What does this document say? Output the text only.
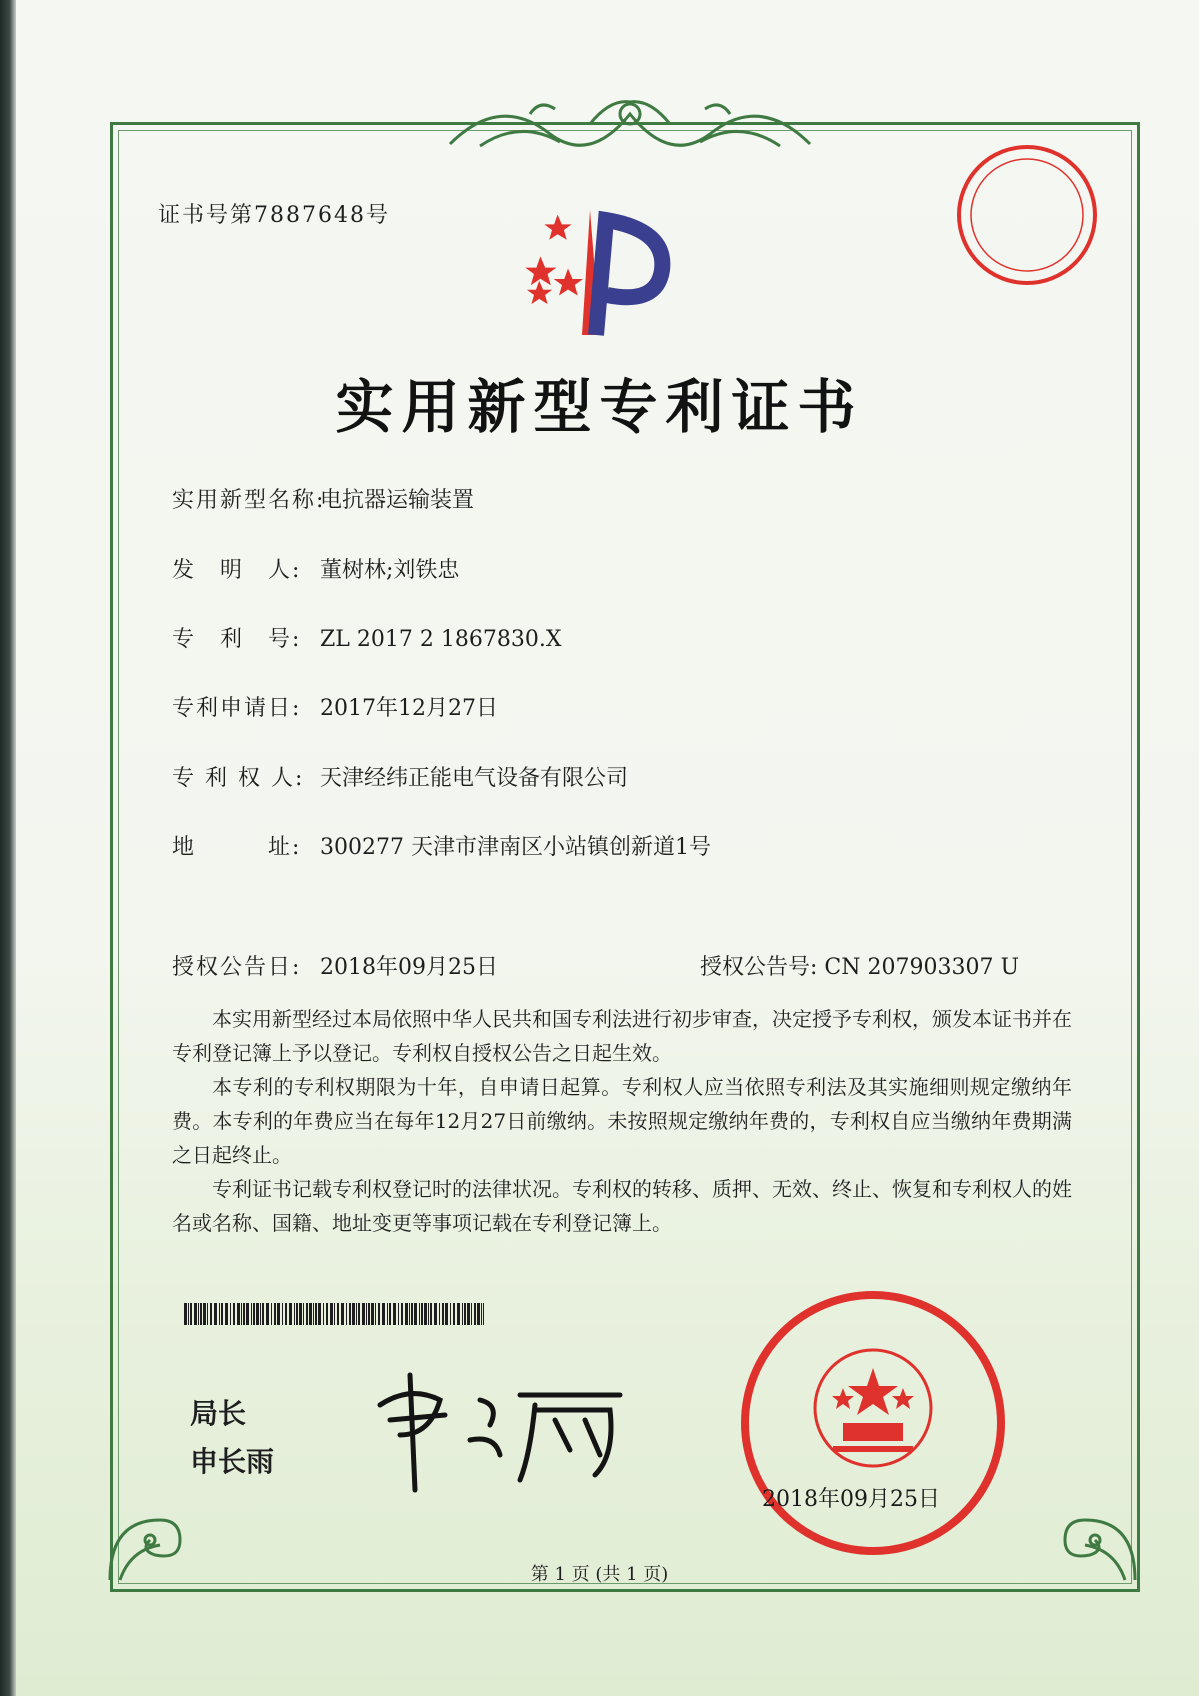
证书号第7887648号
实用新型专利证书
实用新型名称:电抗器运输装置
发　明　人: 董树林;刘铁忠
专　利　号: ZL 2017 2 1867830.X
专利申请日: 2017年12月27日
专 利 权 人: 天津经纬正能电气设备有限公司
地　　　址: 300277 天津市津南区小站镇创新道1号
授权公告日: 2018年09月25日	授权公告号: CN 207903307 U

本实用新型经过本局依照中华人民共和国专利法进行初步审查，决定授予专利权，颁发本证书并在专利登记簿上予以登记。专利权自授权公告之日起生效。

本专利的专利权期限为十年，自申请日起算。专利权人应当依照专利法及其实施细则规定缴纳年费。本专利的年费应当在每年12月27日前缴纳。未按照规定缴纳年费的，专利权自应当缴纳年费期满之日起终止。

专利证书记载专利权登记时的法律状况。专利权的转移、质押、无效、终止、恢复和专利权人的姓名或名称、国籍、地址变更等事项记载在专利登记簿上。

局长
申长雨
2018年09月25日
第 1 页 (共 1 页)
